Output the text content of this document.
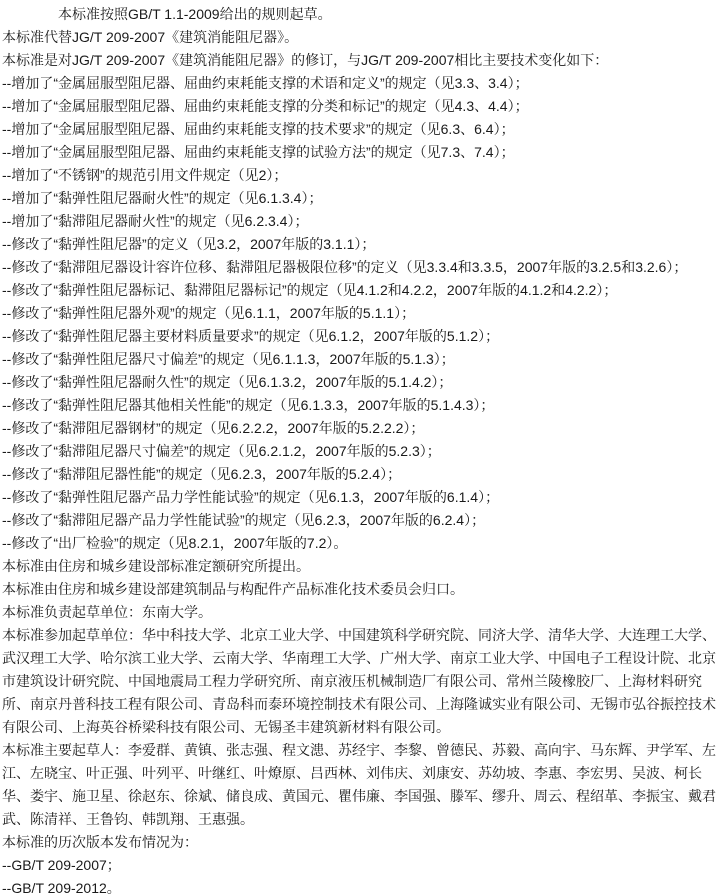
本标准按照GB/T 1.1-2009给出的规则起草。

本标准代替JG/T 209-2007《建筑消能阻尼器》。

本标准是对JG/T 209-2007《建筑消能阻尼器》的修订，与JG/T 209-2007相比主要技术变化如下：

--增加了“金属屈服型阻尼器、屈曲约束耗能支撑的术语和定义”的规定（见3.3、3.4）；

--增加了“金属屈服型阻尼器、屈曲约束耗能支撑的分类和标记”的规定（见4.3、4.4）；

--增加了“金属屈服型阻尼器、屈曲约束耗能支撑的技术要求”的规定（见6.3、6.4）；

--增加了“金属屈服型阻尼器、屈曲约束耗能支撑的试验方法”的规定（见7.3、7.4）；

--增加了“不锈钢”的规范引用文件规定（见2）；

--增加了“黏弹性阻尼器耐火性”的规定（见6.1.3.4）；

--增加了“黏滞阻尼器耐火性”的规定（见6.2.3.4）；

--修改了“黏弹性阻尼器”的定义（见3.2，2007年版的3.1.1）；

--修改了“黏滞阻尼器设计容许位移、黏滞阻尼器极限位移”的定义（见3.3.4和3.3.5，2007年版的3.2.5和3.2.6）；

--修改了“黏弹性阻尼器标记、黏滞阻尼器标记”的规定（见4.1.2和4.2.2，2007年版的4.1.2和4.2.2）；

--修改了“黏弹性阻尼器外观”的规定（见6.1.1，2007年版的5.1.1）；

--修改了“黏弹性阻尼器主要材料质量要求”的规定（见6.1.2，2007年版的5.1.2）；

--修改了“黏弹性阻尼器尺寸偏差”的规定（见6.1.1.3，2007年版的5.1.3）；

--修改了“黏弹性阻尼器耐久性”的规定（见6.1.3.2，2007年版的5.1.4.2）；

--修改了“黏弹性阻尼器其他相关性能”的规定（见6.1.3.3，2007年版的5.1.4.3）；

--修改了“黏滞阻尼器钢材”的规定（见6.2.2.2，2007年版的5.2.2.2）；

--修改了“黏滞阻尼器尺寸偏差”的规定（见6.2.1.2，2007年版的5.2.3）；

--修改了“黏滞阻尼器性能”的规定（见6.2.3，2007年版的5.2.4）；

--修改了“黏弹性阻尼器产品力学性能试验”的规定（见6.1.3，2007年版的6.1.4）；

--修改了“黏滞阻尼器产品力学性能试验”的规定（见6.2.3，2007年版的6.2.4）；

--修改了“出厂检验”的规定（见8.2.1，2007年版的7.2）。

本标准由住房和城乡建设部标准定额研究所提出。

本标准由住房和城乡建设部建筑制品与构配件产品标准化技术委员会归口。

本标准负责起草单位：东南大学。

本标准参加起草单位：华中科技大学、北京工业大学、中国建筑科学研究院、同济大学、清华大学、大连理工大学、武汉理工大学、哈尔滨工业大学、云南大学、华南理工大学、广州大学、南京工业大学、中国电子工程设计院、北京市建筑设计研究院、中国地震局工程力学研究所、南京液压机械制造厂有限公司、常州兰陵橡胶厂、上海材料研究所、南京丹普科技工程有限公司、青岛科而泰环境控制技术有限公司、上海隆诚实业有限公司、无锡市弘谷振控技术有限公司、上海英谷桥梁科技有限公司、无锡圣丰建筑新材料有限公司。

本标准主要起草人：李爱群、黄镇、张志强、程文漶、苏经宇、李黎、曾德民、苏毅、高向宇、马东辉、尹学军、左江、左晓宝、叶正强、叶列平、叶继红、叶燎原、吕西林、刘伟庆、刘康安、苏幼坡、李惠、李宏男、吴波、柯长华、娄宇、施卫星、徐赵东、徐斌、储良成、黄国元、瞿伟廉、李国强、滕军、缪升、周云、程绍革、李振宝、戴君武、陈清祥、王鲁钧、韩凯翔、王惠强。

本标准的历次版本发布情况为：

--GB/T 209-2007；

--GB/T 209-2012。
